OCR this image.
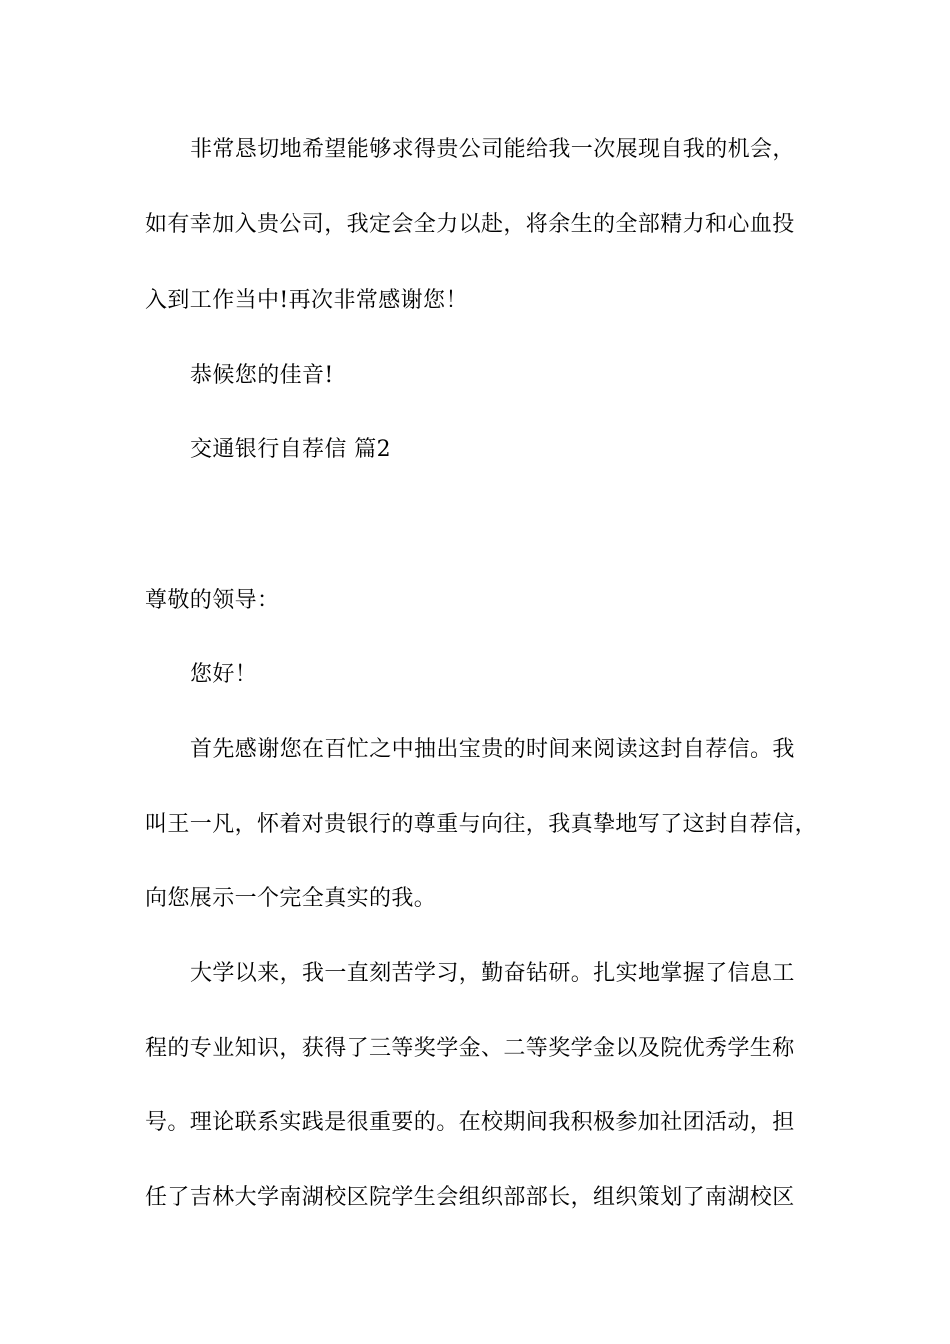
非常恳切地希望能够求得贵公司能给我一次展现自我的机会，
如有幸加入贵公司，我定会全力以赴，将余生的全部精力和心血投
入到工作当中!再次非常感谢您！
恭候您的佳音!
交通银行自荐信 篇2
尊敬的领导：
您好！
首先感谢您在百忙之中抽出宝贵的时间来阅读这封自荐信。我
叫王一凡，怀着对贵银行的尊重与向往，我真挚地写了这封自荐信，
向您展示一个完全真实的我。
大学以来，我一直刻苦学习，勤奋钻研。扎实地掌握了信息工
程的专业知识，获得了三等奖学金、二等奖学金以及院优秀学生称
号。理论联系实践是很重要的。在校期间我积极参加社团活动，担
任了吉林大学南湖校区院学生会组织部部长，组织策划了南湖校区
